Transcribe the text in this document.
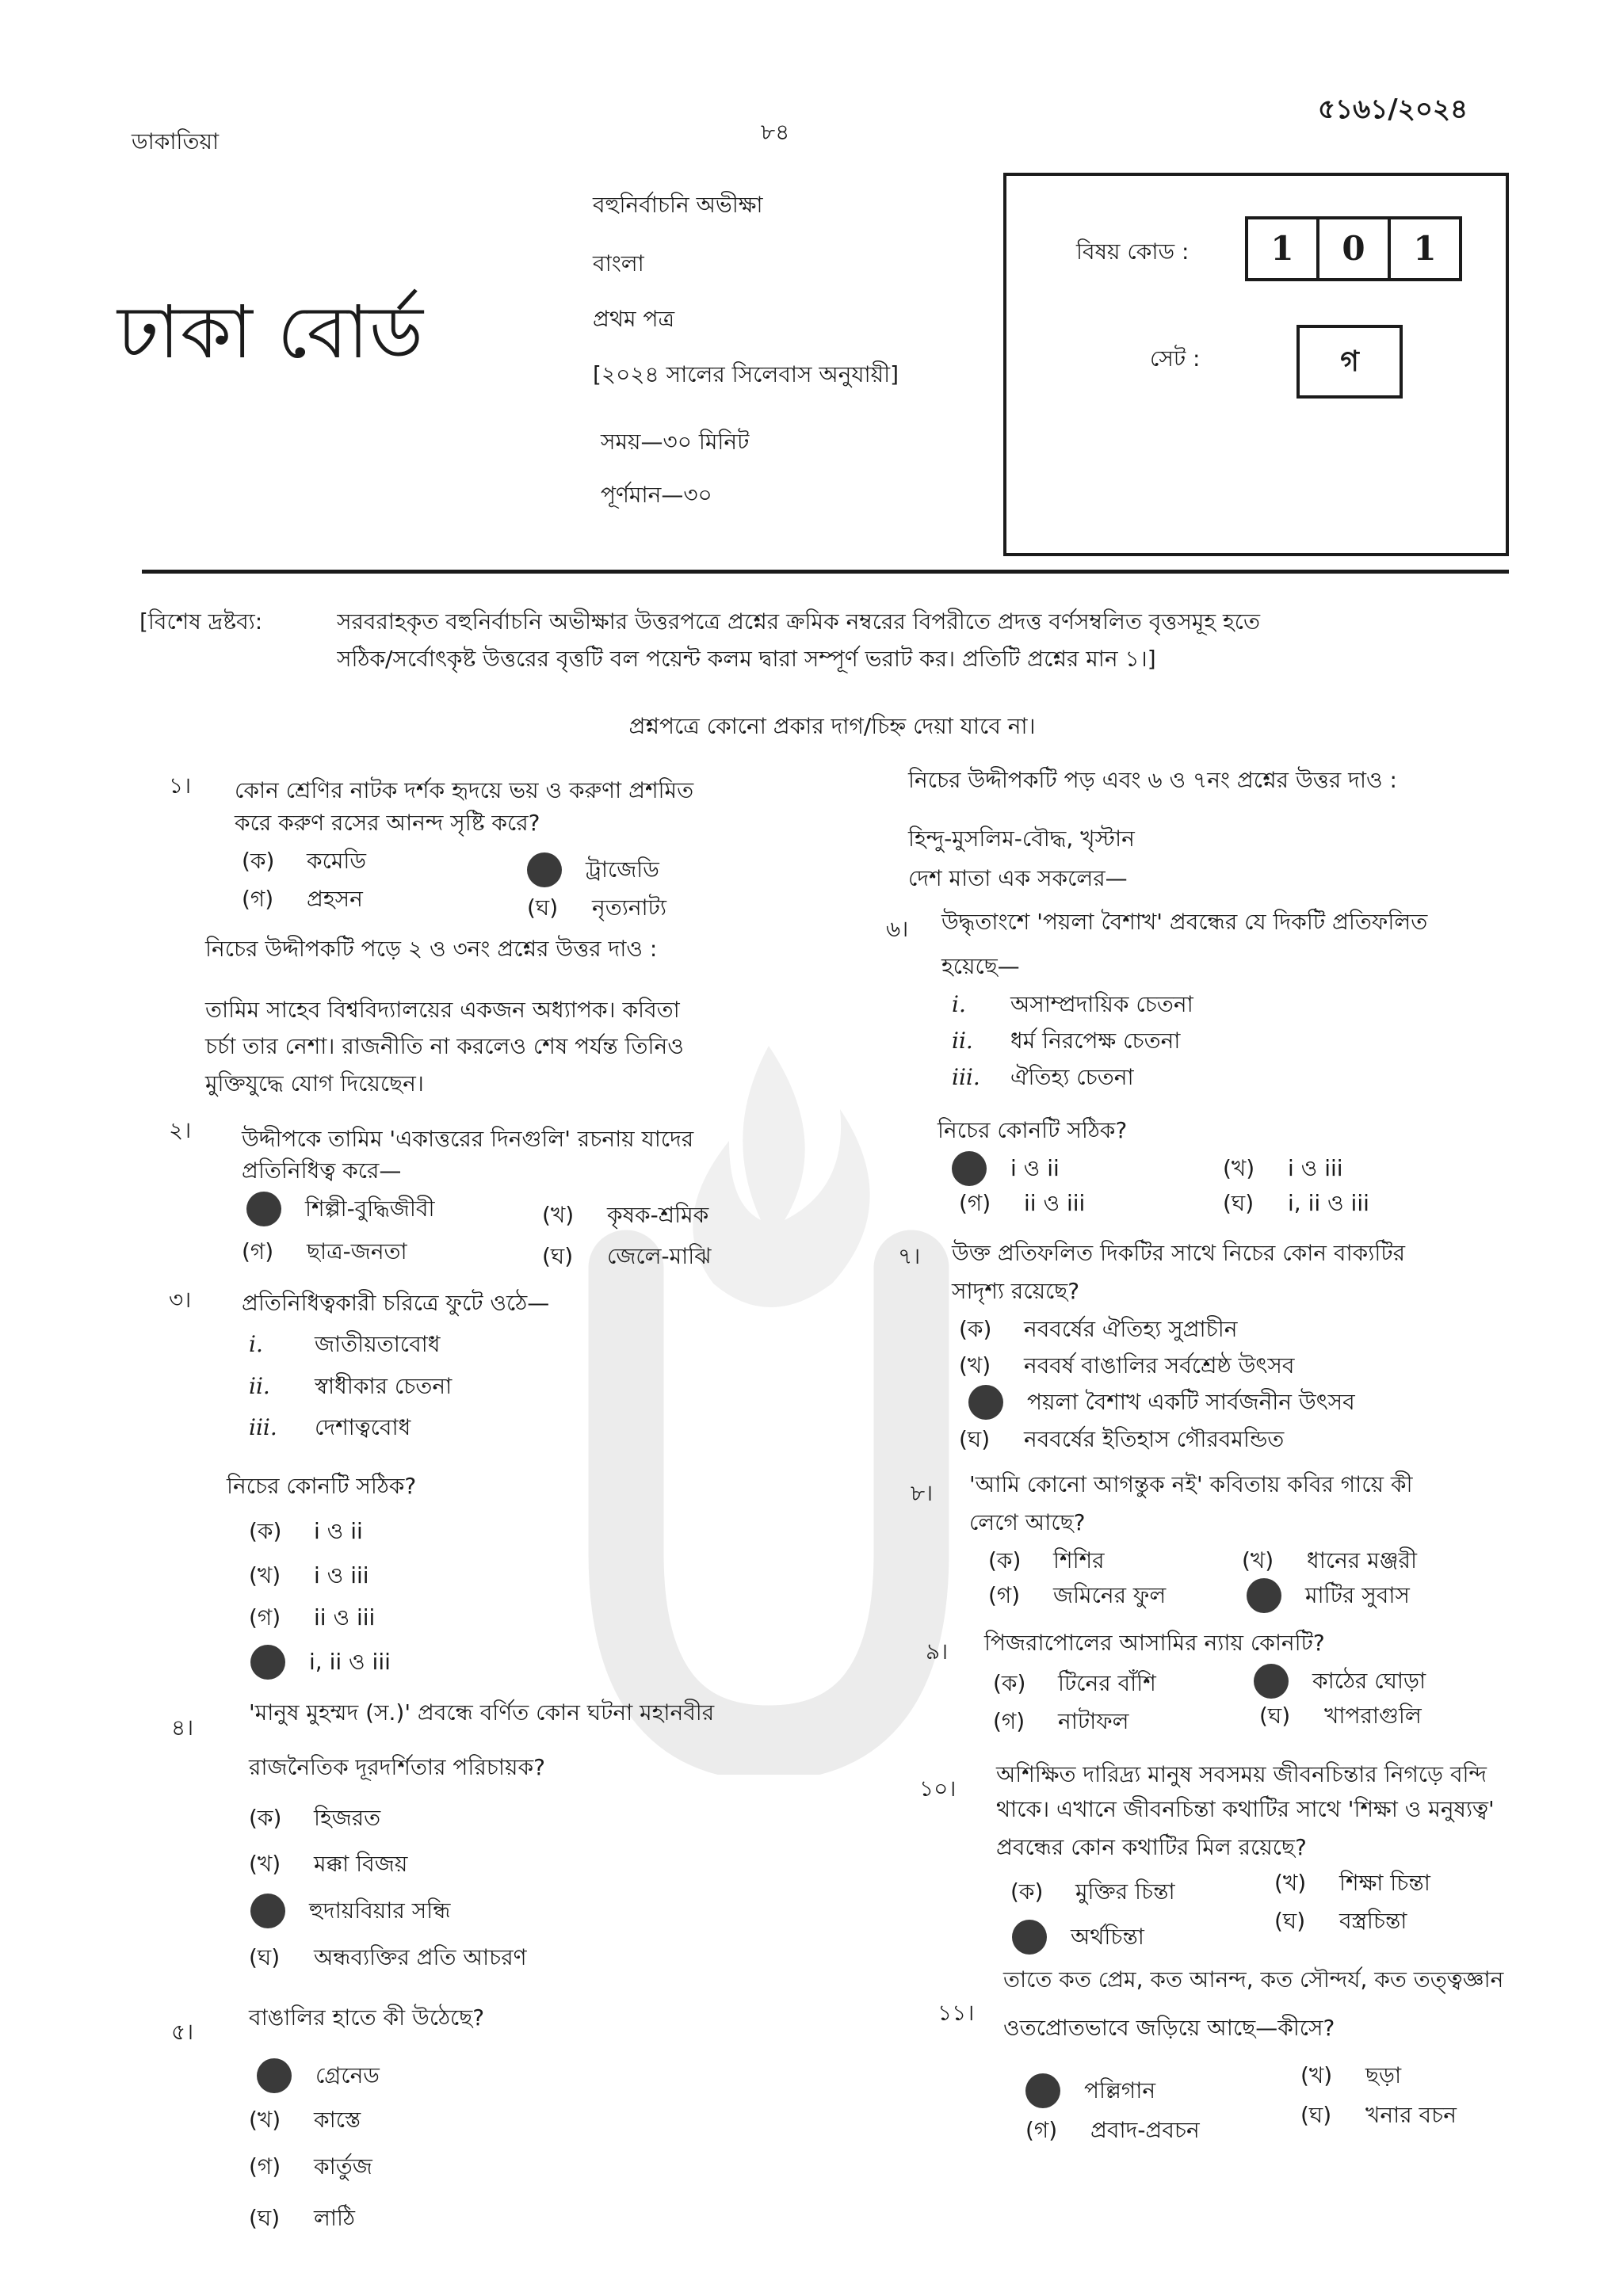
ডাকাতিয়া	৮৪
৫১৬১/২০২৪
ঢাকা বোর্ড
বহুনির্বাচনি অভীক্ষা
বাংলা
প্রথম পত্র
[২০২৪ সালের সিলেবাস অনুযায়ী]
সময়—৩০ মিনিট
পূর্ণমান—৩০
বিষয় কোড :	1	0	1
সেট :	গ
[বিশেষ দ্রষ্টব্য:	সরবরাহকৃত বহুনির্বাচনি অভীক্ষার উত্তরপত্রে প্রশ্নের ক্রমিক নম্বরের বিপরীতে প্রদত্ত বর্ণসম্বলিত বৃত্তসমূহ হতে
সঠিক/সর্বোৎকৃষ্ট উত্তরের বৃত্তটি বল পয়েন্ট কলম দ্বারা সম্পূর্ণ ভরাট কর। প্রতিটি প্রশ্নের মান ১।]
প্রশ্নপত্রে কোনো প্রকার দাগ/চিহ্ন দেয়া যাবে না।
১। কোন শ্রেণির নাটক দর্শক হৃদয়ে ভয় ও করুণা প্রশমিত
করে করুণ রসের আনন্দ সৃষ্টি করে?
(ক)	কমেডি	ট্রাজেডি
(গ)	প্রহসন	(ঘ)	নৃত্যনাট্য
নিচের উদ্দীপকটি পড়ে ২ ও ৩নং প্রশ্নের উত্তর দাও :
তামিম সাহেব বিশ্ববিদ্যালয়ের একজন অধ্যাপক। কবিতা
চর্চা তার নেশা। রাজনীতি না করলেও শেষ পর্যন্ত তিনিও
মুক্তিযুদ্ধে যোগ দিয়েছেন।
২। উদ্দীপকে তামিম 'একাত্তরের দিনগুলি' রচনায় যাদের
প্রতিনিধিত্ব করে—
শিল্পী-বুদ্ধিজীবী	(খ)	কৃষক-শ্রমিক
(গ)	ছাত্র-জনতা	(ঘ)	জেলে-মাঝি
৩। প্রতিনিধিত্বকারী চরিত্রে ফুটে ওঠে—
i. জাতীয়তাবোধ
ii. স্বাধীকার চেতনা
iii. দেশাত্ববোধ
নিচের কোনটি সঠিক?
(ক)	i ও ii
(খ)	i ও iii
(গ)	ii ও iii
i, ii ও iii
৪।
'মানুষ মুহম্মদ (স.)' প্রবন্ধে বর্ণিত কোন ঘটনা মহানবীর
রাজনৈতিক দূরদর্শিতার পরিচায়ক?
(ক)	হিজরত
(খ)	মক্কা বিজয়
হুদায়বিয়ার সন্ধি
(ঘ)	অন্ধব্যক্তির প্রতি আচরণ
৫।
বাঙালির হাতে কী উঠেছে?
গ্রেনেড
(খ)	কাস্তে
(গ)	কার্তুজ
(ঘ)	লাঠি
নিচের উদ্দীপকটি পড় এবং ৬ ও ৭নং প্রশ্নের উত্তর দাও :
হিন্দু-মুসলিম-বৌদ্ধ, খৃস্টান
দেশ মাতা এক সকলের—
৬। উদ্ধৃতাংশে 'পয়লা বৈশাখ' প্রবন্ধের যে দিকটি প্রতিফলিত
হয়েছে—
i. অসাম্প্রদায়িক চেতনা
ii. ধর্ম নিরপেক্ষ চেতনা
iii. ঐতিহ্য চেতনা
নিচের কোনটি সঠিক?
i ও ii	(খ)	i ও iii
(গ)	ii ও iii	(ঘ)	i, ii ও iii
৭। উক্ত প্রতিফলিত দিকটির সাথে নিচের কোন বাক্যটির
সাদৃশ্য রয়েছে?
(ক)	নববর্ষের ঐতিহ্য সুপ্রাচীন
(খ)	নববর্ষ বাঙালির সর্বশ্রেষ্ঠ উৎসব
পয়লা বৈশাখ একটি সার্বজনীন উৎসব
(ঘ)	নববর্ষের ইতিহাস গৌরবমন্ডিত
৮। 'আমি কোনো আগন্তুক নই' কবিতায় কবির গায়ে কী
লেগে আছে?
(ক)	শিশির	(খ)	ধানের মঞ্জরী
(গ)	জমিনের ফুল	মাটির সুবাস
৯। পিজরাপোলের আসামির ন্যায় কোনটি?
(ক)	টিনের বাঁশি	কাঠের ঘোড়া
(গ)	নাটাফল	(ঘ)	খাপরাগুলি
১০।
অশিক্ষিত দারিদ্র্য মানুষ সবসময় জীবনচিন্তার নিগড়ে বন্দি
থাকে। এখানে জীবনচিন্তা কথাটির সাথে 'শিক্ষা ও মনুষ্যত্ব'
প্রবন্ধের কোন কথাটির মিল রয়েছে?
(ক)	মুক্তির চিন্তা	(খ)	শিক্ষা চিন্তা
অর্থচিন্তা
(ঘ)	বস্ত্রচিন্তা
১১।
তাতে কত প্রেম, কত আনন্দ, কত সৌন্দর্য, কত তত্ত্বজ্ঞান
ওতপ্রোতভাবে জড়িয়ে আছে—কীসে?
পল্লিগান
(খ)	ছড়া
(গ)	প্রবাদ-প্রবচন
(ঘ)	খনার বচন
